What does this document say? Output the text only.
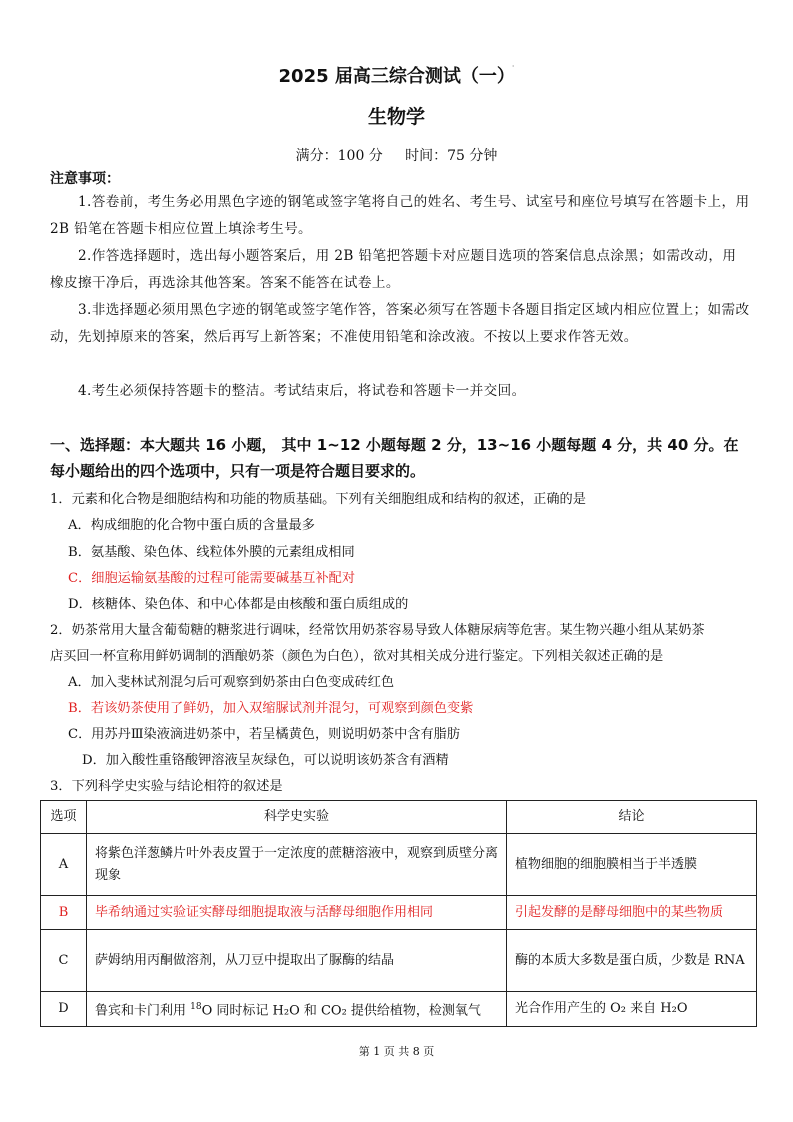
2025 届高三综合测试（一） ·
生物学
满分：100 分 时间：75 分钟
注意事项：
1.答卷前，考生务必用黑色字迹的钢笔或签字笔将自己的姓名、考生号、试室号和座位号填写在答题卡上，用 2B 铅笔在答题卡相应位置上填涂考生号。
2.作答选择题时，选出每小题答案后，用 2B 铅笔把答题卡对应题目选项的答案信息点涂黑；如需改动，用橡皮擦干净后，再选涂其他答案。答案不能答在试卷上。
3.非选择题必须用黑色字迹的钢笔或签字笔作答，答案必须写在答题卡各题目指定区域内相应位置上；如需改动，先划掉原来的答案，然后再写上新答案；不准使用铅笔和涂改液。不按以上要求作答无效。
4.考生必须保持答题卡的整洁。考试结束后，将试卷和答题卡一并交回。
一、选择题：本大题共 16 小题， 其中 1~12 小题每题 2 分，13~16 小题每题 4 分，共 40 分。在每小题给出的四个选项中，只有一项是符合题目要求的。
1．元素和化合物是细胞结构和功能的物质基础。下列有关细胞组成和结构的叙述，正确的是
A．构成细胞的化合物中蛋白质的含量最多
B．氨基酸、染色体、线粒体外膜的元素组成相同
C．细胞运输氨基酸的过程可能需要碱基互补配对
D．核糖体、染色体、和中心体都是由核酸和蛋白质组成的
2．奶茶常用大量含葡萄糖的糖浆进行调味，经常饮用奶茶容易导致人体糖尿病等危害。某生物兴趣小组从某奶茶
店买回一杯宣称用鲜奶调制的酒酿奶茶（颜色为白色），欲对其相关成分进行鉴定。下列相关叙述正确的是
A．加入斐林试剂混匀后可观察到奶茶由白色变成砖红色
B．若该奶茶使用了鲜奶，加入双缩脲试剂并混匀，可观察到颜色变紫
C．用苏丹Ⅲ染液滴进奶茶中，若呈橘黄色，则说明奶茶中含有脂肪
D．加入酸性重铬酸钾溶液呈灰绿色，可以说明该奶茶含有酒精
3．下列科学史实验与结论相符的叙述是
选项	科学史实验	结论
A	将紫色洋葱鳞片叶外表皮置于一定浓度的蔗糖溶液中，观察到质壁分离现象	植物细胞的细胞膜相当于半透膜
B	毕希纳通过实验证实酵母细胞提取液与活酵母细胞作用相同	引起发酵的是酵母细胞中的某些物质
C	萨姆纳用丙酮做溶剂，从刀豆中提取出了脲酶的结晶	酶的本质大多数是蛋白质，少数是 RNA
D	鲁宾和卡门利用 $^{18}$O 同时标记 H₂O 和 CO₂ 提供给植物，检测氧气	光合作用产生的 O₂ 来自 H₂O
第 1 页 共 8 页
